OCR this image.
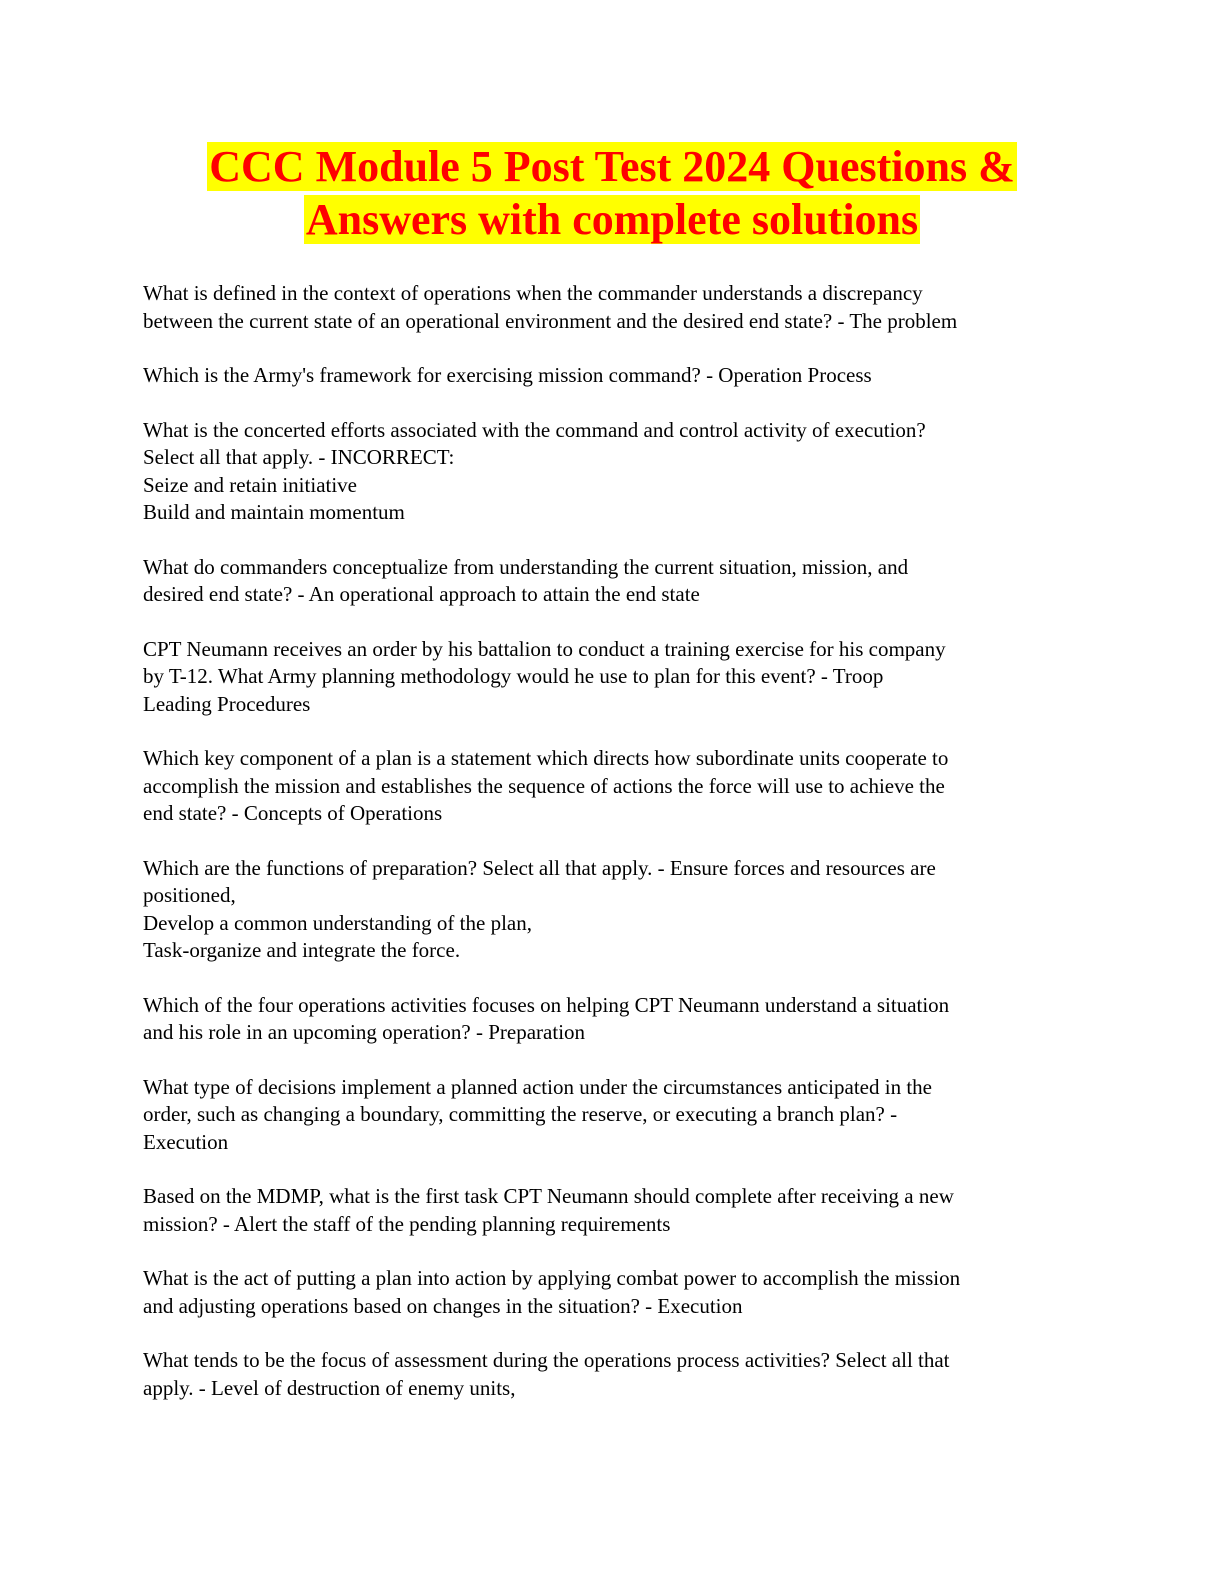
CCC Module 5 Post Test 2024 Questions &
Answers with complete solutions
What is defined in the context of operations when the commander understands a discrepancy
between the current state of an operational environment and the desired end state? - The problem
Which is the Army's framework for exercising mission command? - Operation Process
What is the concerted efforts associated with the command and control activity of execution?
Select all that apply. - INCORRECT:
Seize and retain initiative
Build and maintain momentum
What do commanders conceptualize from understanding the current situation, mission, and
desired end state? - An operational approach to attain the end state
CPT Neumann receives an order by his battalion to conduct a training exercise for his company
by T-12. What Army planning methodology would he use to plan for this event? - Troop
Leading Procedures
Which key component of a plan is a statement which directs how subordinate units cooperate to
accomplish the mission and establishes the sequence of actions the force will use to achieve the
end state? - Concepts of Operations
Which are the functions of preparation? Select all that apply. - Ensure forces and resources are
positioned,
Develop a common understanding of the plan,
Task-organize and integrate the force.
Which of the four operations activities focuses on helping CPT Neumann understand a situation
and his role in an upcoming operation? - Preparation
What type of decisions implement a planned action under the circumstances anticipated in the
order, such as changing a boundary, committing the reserve, or executing a branch plan? -
Execution
Based on the MDMP, what is the first task CPT Neumann should complete after receiving a new
mission? - Alert the staff of the pending planning requirements
What is the act of putting a plan into action by applying combat power to accomplish the mission
and adjusting operations based on changes in the situation? - Execution
What tends to be the focus of assessment during the operations process activities? Select all that
apply. - Level of destruction of enemy units,
